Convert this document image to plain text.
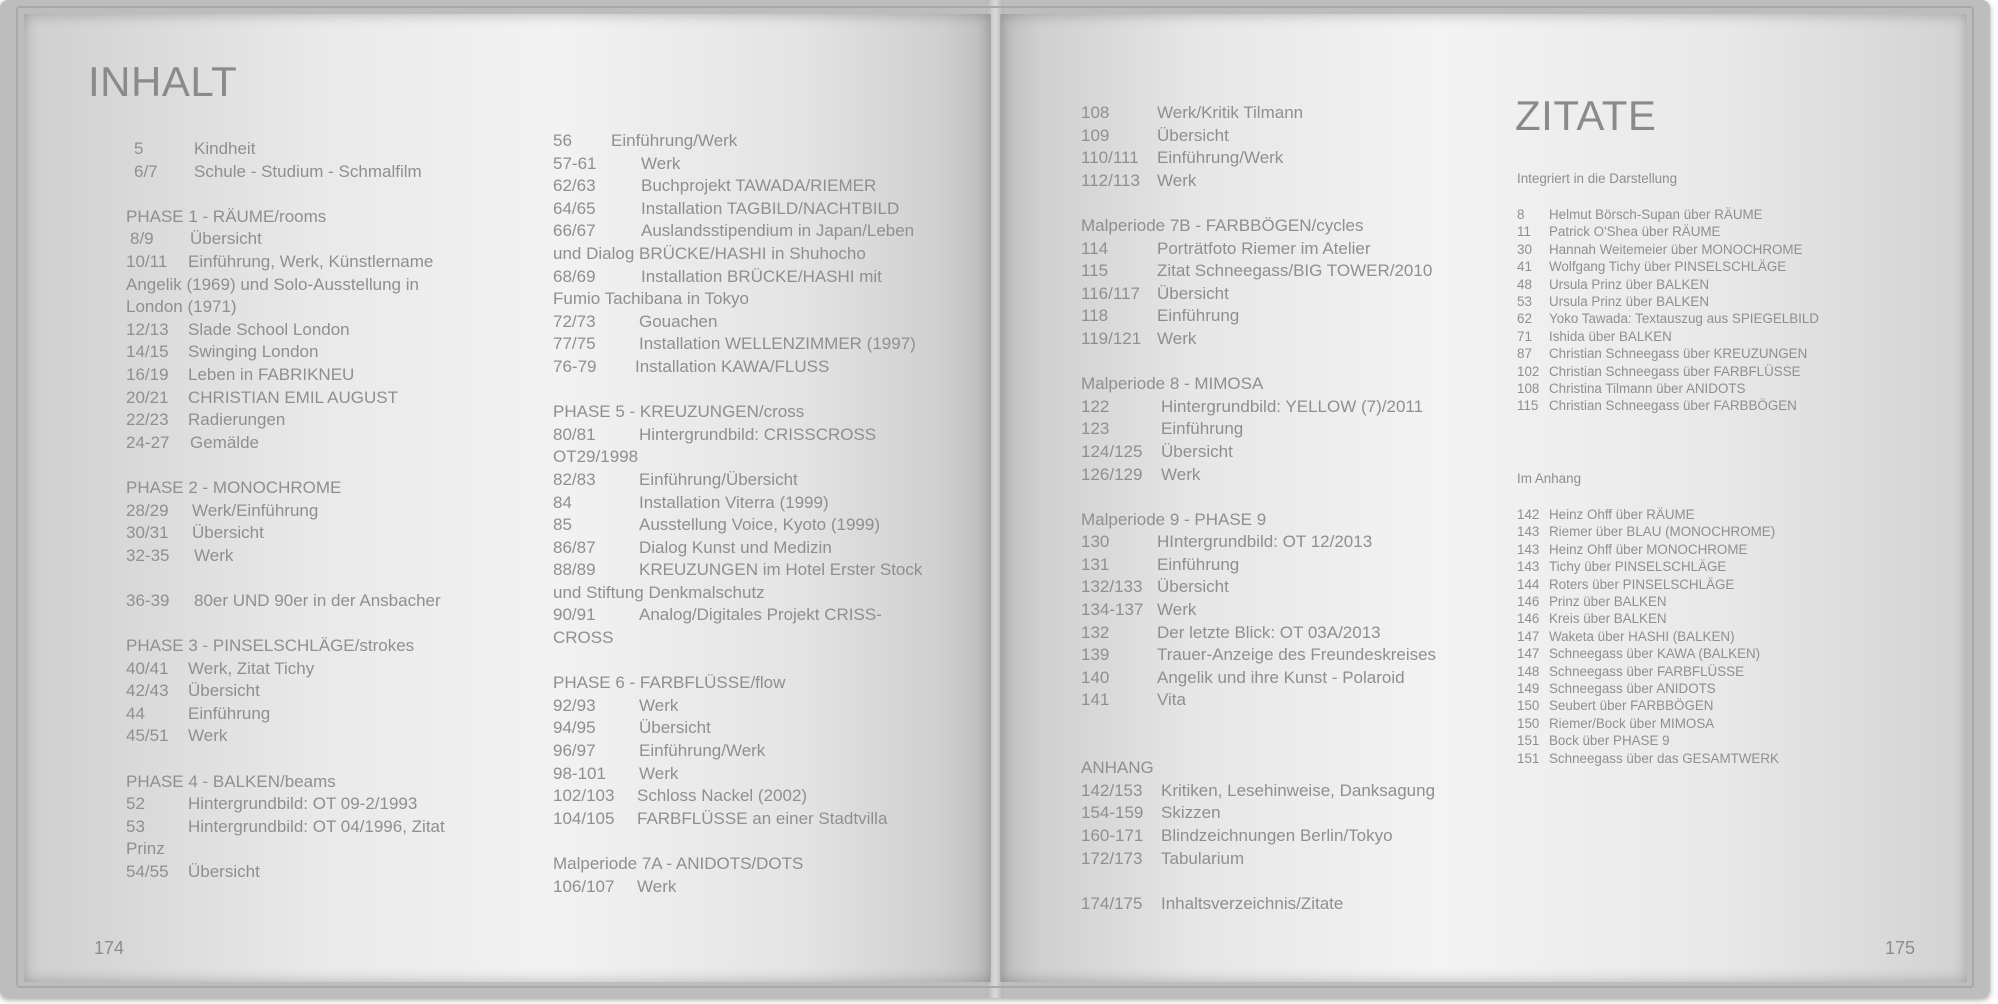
INHALT
5	Kindheit
6/7 Schule - Studium - Schmalfilm
PHASE 1 - RÄUME/rooms
8/9 Übersicht
10/11 Einführung, Werk, Künstlername
Angelik (1969) und Solo-Ausstellung in
London (1971)
12/13 Slade School London
14/15 Swinging London
16/19 Leben in FABRIKNEU
20/21 CHRISTIAN EMIL AUGUST
22/23 Radierungen
24-27 Gemälde
PHASE 2 - MONOCHROME
28/29 Werk/Einführung
30/31 Übersicht
32-35 Werk
36-39 80er UND 90er in der Ansbacher
PHASE 3 - PINSELSCHLÄGE/strokes
40/41 Werk, Zitat Tichy
42/43 Übersicht
44	Einführung
45/51 Werk
PHASE 4 - BALKEN/beams
52	Hintergrundbild: OT 09-2/1993
53	Hintergrundbild: OT 04/1996, Zitat
Prinz
54/55 Übersicht
56 Einführung/Werk
57-61	Werk
62/63	Buchprojekt TAWADA/RIEMER
64/65	Installation TAGBILD/NACHTBILD
66/67	Auslandsstipendium in Japan/Leben
und Dialog BRÜCKE/HASHI in Shuhocho
68/69	Installation BRÜCKE/HASHI mit
Fumio Tachibana in Tokyo
72/73	Gouachen
77/75	Installation WELLENZIMMER (1997)
76-79 Installation KAWA/FLUSS
PHASE 5 - KREUZUNGEN/cross
80/81	Hintergrundbild: CRISSCROSS
OT29/1998
82/83	Einführung/Übersicht
84	Installation Viterra (1999)
85	Ausstellung Voice, Kyoto (1999)
86/87	Dialog Kunst und Medizin
88/89	KREUZUNGEN im Hotel Erster Stock
und Stiftung Denkmalschutz
90/91	Analog/Digitales Projekt CRISS-
CROSS
PHASE 6 - FARBFLÜSSE/flow
92/93	Werk
94/95	Übersicht
96/97	Einführung/Werk
98-101 Werk
102/103 Schloss Nackel (2002)
104/105 FARBFLÜSSE an einer Stadtvilla
Malperiode 7A - ANIDOTS/DOTS
106/107 Werk
174
108	Werk/Kritik Tilmann
109	Übersicht
110/111 Einführung/Werk
112/113 Werk
Malperiode 7B - FARBBÖGEN/cycles
114	Porträtfoto Riemer im Atelier
115	Zitat Schneegass/BIG TOWER/2010
116/117 Übersicht
118	Einführung
119/121 Werk
Malperiode 8 - MIMOSA
122	Hintergrundbild: YELLOW (7)/2011
123	Einführung
124/125 Übersicht
126/129 Werk
Malperiode 9 - PHASE 9
130	HIntergrundbild: OT 12/2013
131	Einführung
132/133 Übersicht
134-137 Werk
132	Der letzte Blick: OT 03A/2013
139	Trauer-Anzeige des Freundeskreises
140	Angelik und ihre Kunst - Polaroid
141	Vita
ANHANG
142/153 Kritiken, Lesehinweise, Danksagung
154-159 Skizzen
160-171 Blindzeichnungen Berlin/Tokyo
172/173 Tabularium
174/175 Inhaltsverzeichnis/Zitate
ZITATE
Integriert in die Darstellung
8 Helmut Börsch-Supan über RÄUME
11 Patrick O'Shea über RÄUME
30 Hannah Weitemeier über MONOCHROME
41 Wolfgang Tichy über PINSELSCHLÄGE
48 Ursula Prinz über BALKEN
53 Ursula Prinz über BALKEN
62 Yoko Tawada: Textauszug aus SPIEGELBILD
71 Ishida über BALKEN
87 Christian Schneegass über KREUZUNGEN
102 Christian Schneegass über FARBFLÜSSE
108 Christina Tilmann über ANIDOTS
115 Christian Schneegass über FARBBÖGEN
Im Anhang
142 Heinz Ohff über RÄUME
143 Riemer über BLAU (MONOCHROME)
143 Heinz Ohff über MONOCHROME
143 Tichy über PINSELSCHLÄGE
144 Roters über PINSELSCHLÄGE
146 Prinz über BALKEN
146 Kreis über BALKEN
147 Waketa über HASHI (BALKEN)
147 Schneegass über KAWA (BALKEN)
148 Schneegass über FARBFLÜSSE
149 Schneegass über ANIDOTS
150 Seubert über FARBBÖGEN
150 Riemer/Bock über MIMOSA
151 Bock über PHASE 9
151 Schneegass über das GESAMTWERK
175
